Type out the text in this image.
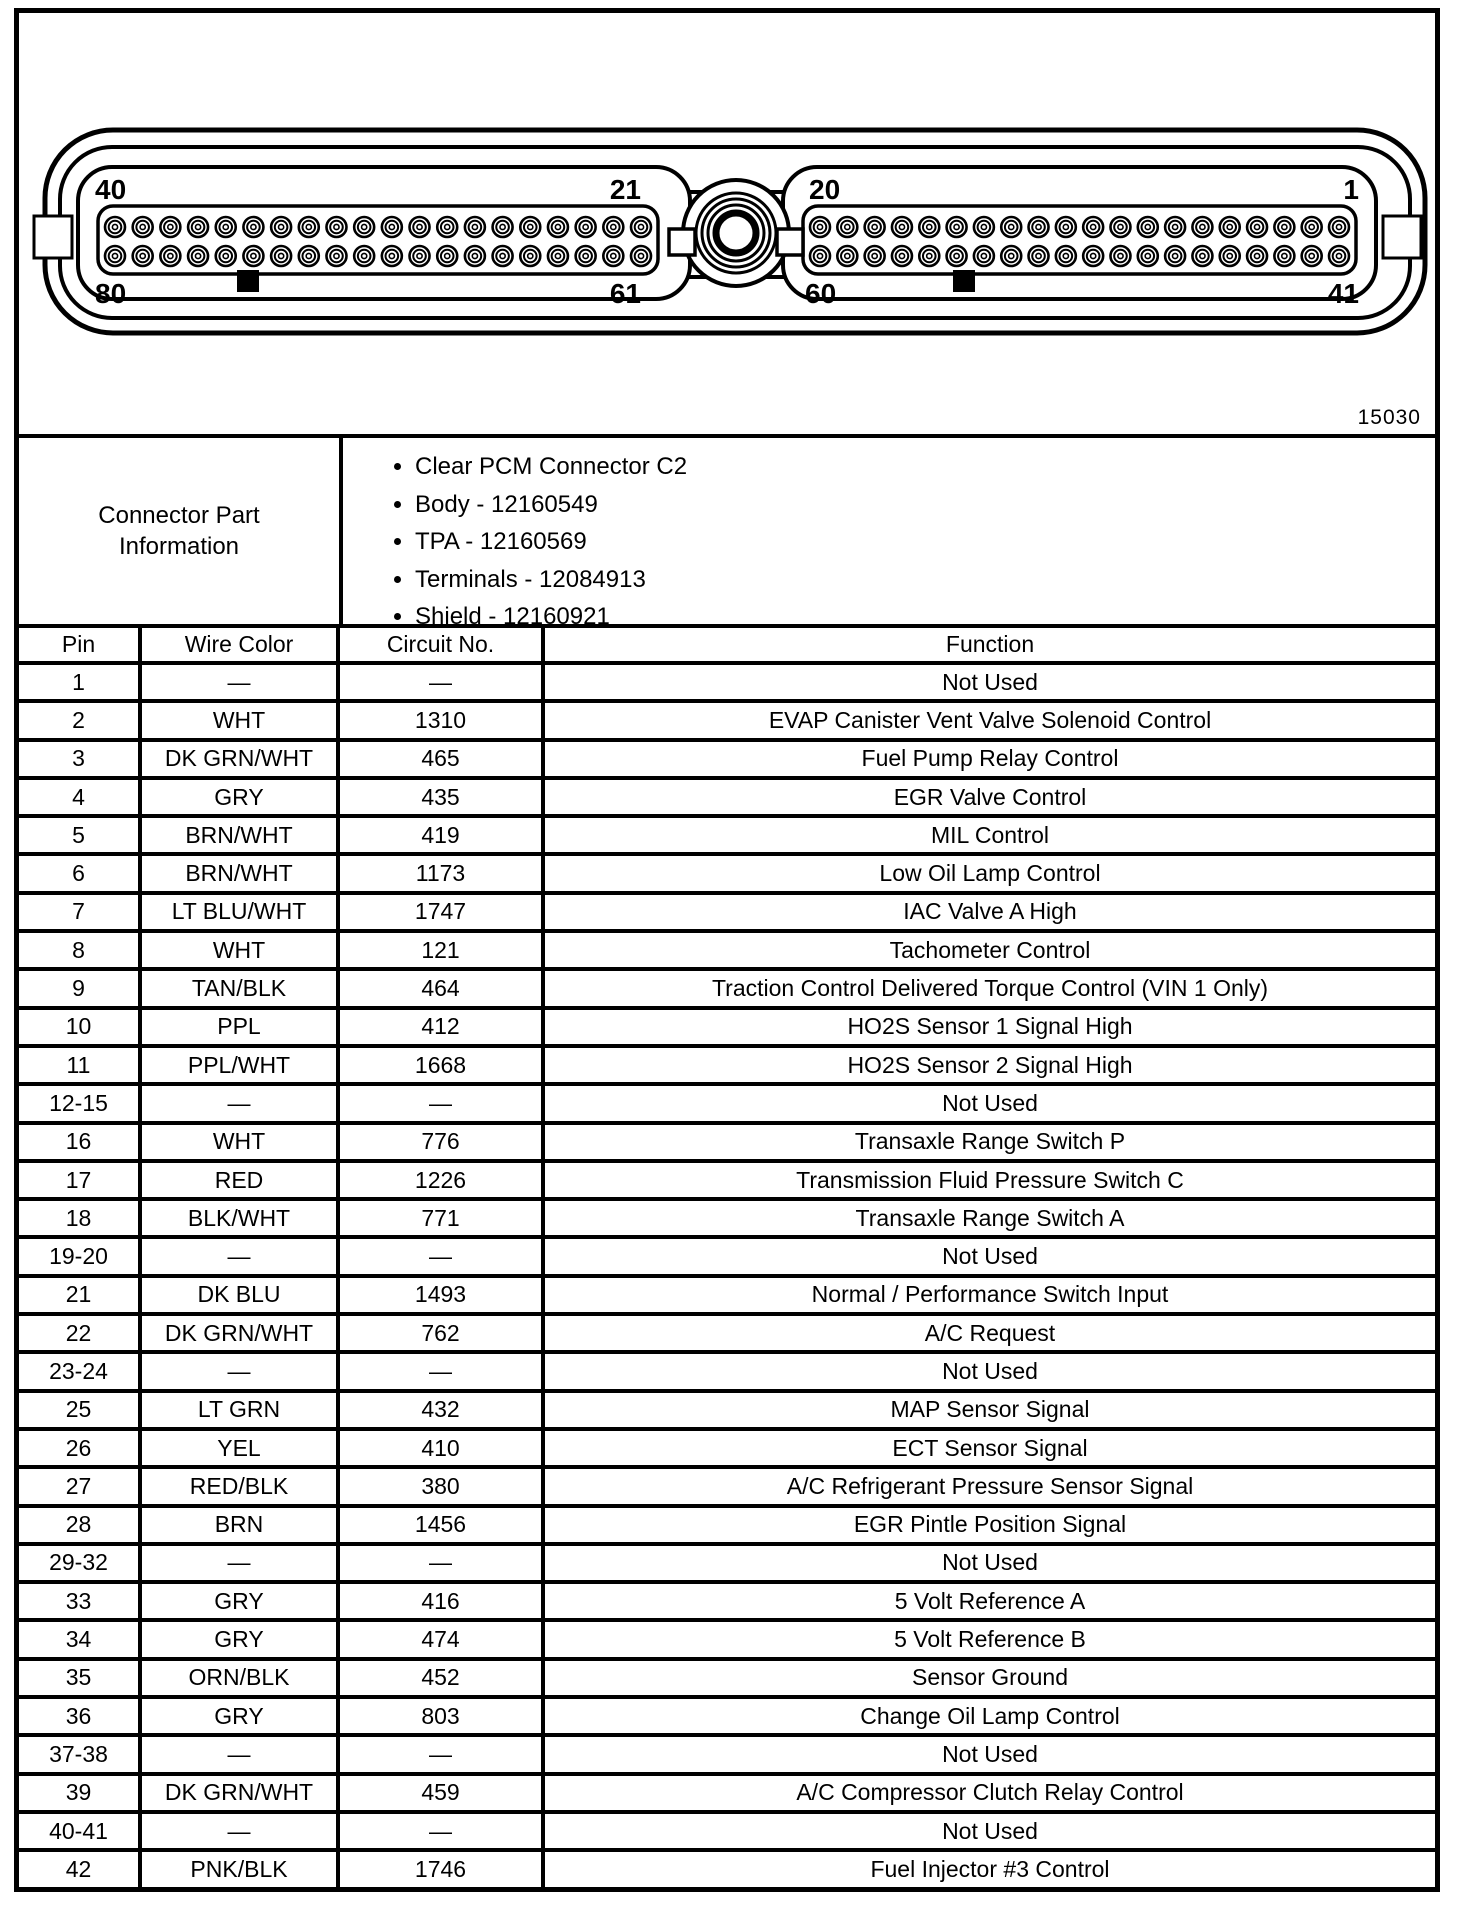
40	21
80	61
20	1
60	41
15030
Connector Part
Information
• Clear PCM Connector C2
• Body - 12160549
• TPA - 12160569
• Terminals - 12084913
• Shield - 12160921
Pin	Wire Color	Circuit No.	Function
1	—	—	Not Used
2	WHT	1310	EVAP Canister Vent Valve Solenoid Control
3	DK GRN/WHT	465	Fuel Pump Relay Control
4	GRY	435	EGR Valve Control
5	BRN/WHT	419	MIL Control
6	BRN/WHT	1173	Low Oil Lamp Control
7	LT BLU/WHT	1747	IAC Valve A High
8	WHT	121	Tachometer Control
9	TAN/BLK	464	Traction Control Delivered Torque Control (VIN 1 Only)
10	PPL	412	HO2S Sensor 1 Signal High
11	PPL/WHT	1668	HO2S Sensor 2 Signal High
12-15	—	—	Not Used
16	WHT	776	Transaxle Range Switch P
17	RED	1226	Transmission Fluid Pressure Switch C
18	BLK/WHT	771	Transaxle Range Switch A
19-20	—	—	Not Used
21	DK BLU	1493	Normal / Performance Switch Input
22	DK GRN/WHT	762	A/C Request
23-24	—	—	Not Used
25	LT GRN	432	MAP Sensor Signal
26	YEL	410	ECT Sensor Signal
27	RED/BLK	380	A/C Refrigerant Pressure Sensor Signal
28	BRN	1456	EGR Pintle Position Signal
29-32	—	—	Not Used
33	GRY	416	5 Volt Reference A
34	GRY	474	5 Volt Reference B
35	ORN/BLK	452	Sensor Ground
36	GRY	803	Change Oil Lamp Control
37-38	—	—	Not Used
39	DK GRN/WHT	459	A/C Compressor Clutch Relay Control
40-41	—	—	Not Used
42	PNK/BLK	1746	Fuel Injector #3 Control
